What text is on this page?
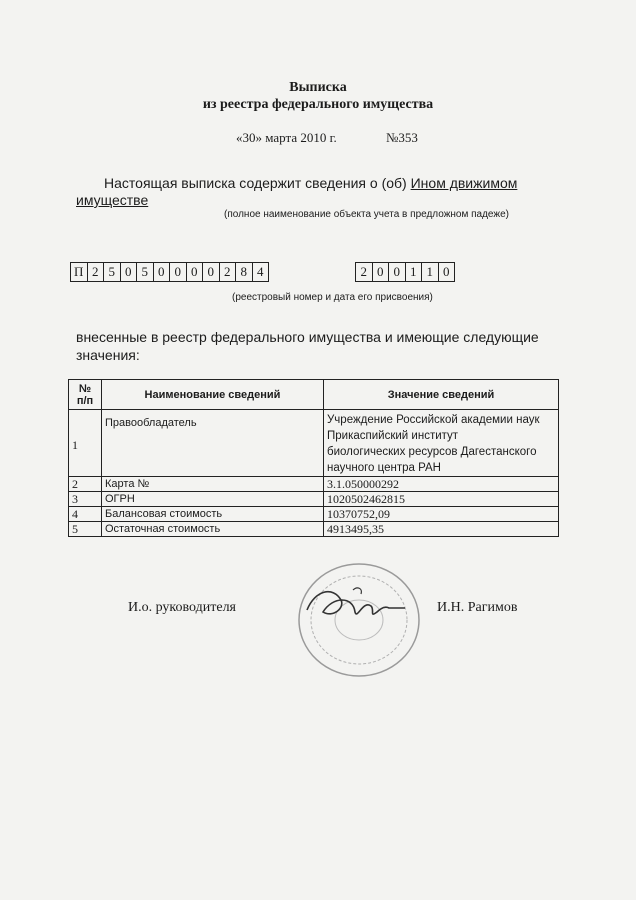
Выписка
из реестра федерального имущества
«30» марта 2010 г.	№353
Настоящая выписка содержит сведения о (об) Ином движимом
имуществе
(полное наименование объекта учета в предложном падеже)
П 2 5 0 5 0 0 0 0 2 8 4	2 0 0 1 1 0
(реестровый номер и дата его присвоения)
внесенные в реестр федерального имущества и имеющие следующие
значения:
№
п/п	Наименование сведений	Значение сведений
1	Правообладатель	Учреждение Российской академии наук
Прикаспийский институт
биологических ресурсов Дагестанского
научного центра РАН

2	Карта №	3.1.050000292

3	ОГРН	1020502462815

4	Балансовая стоимость	10370752,09

5	Остаточная стоимость	4913495,35
И.о. руководителя	И.Н. Рагимов
